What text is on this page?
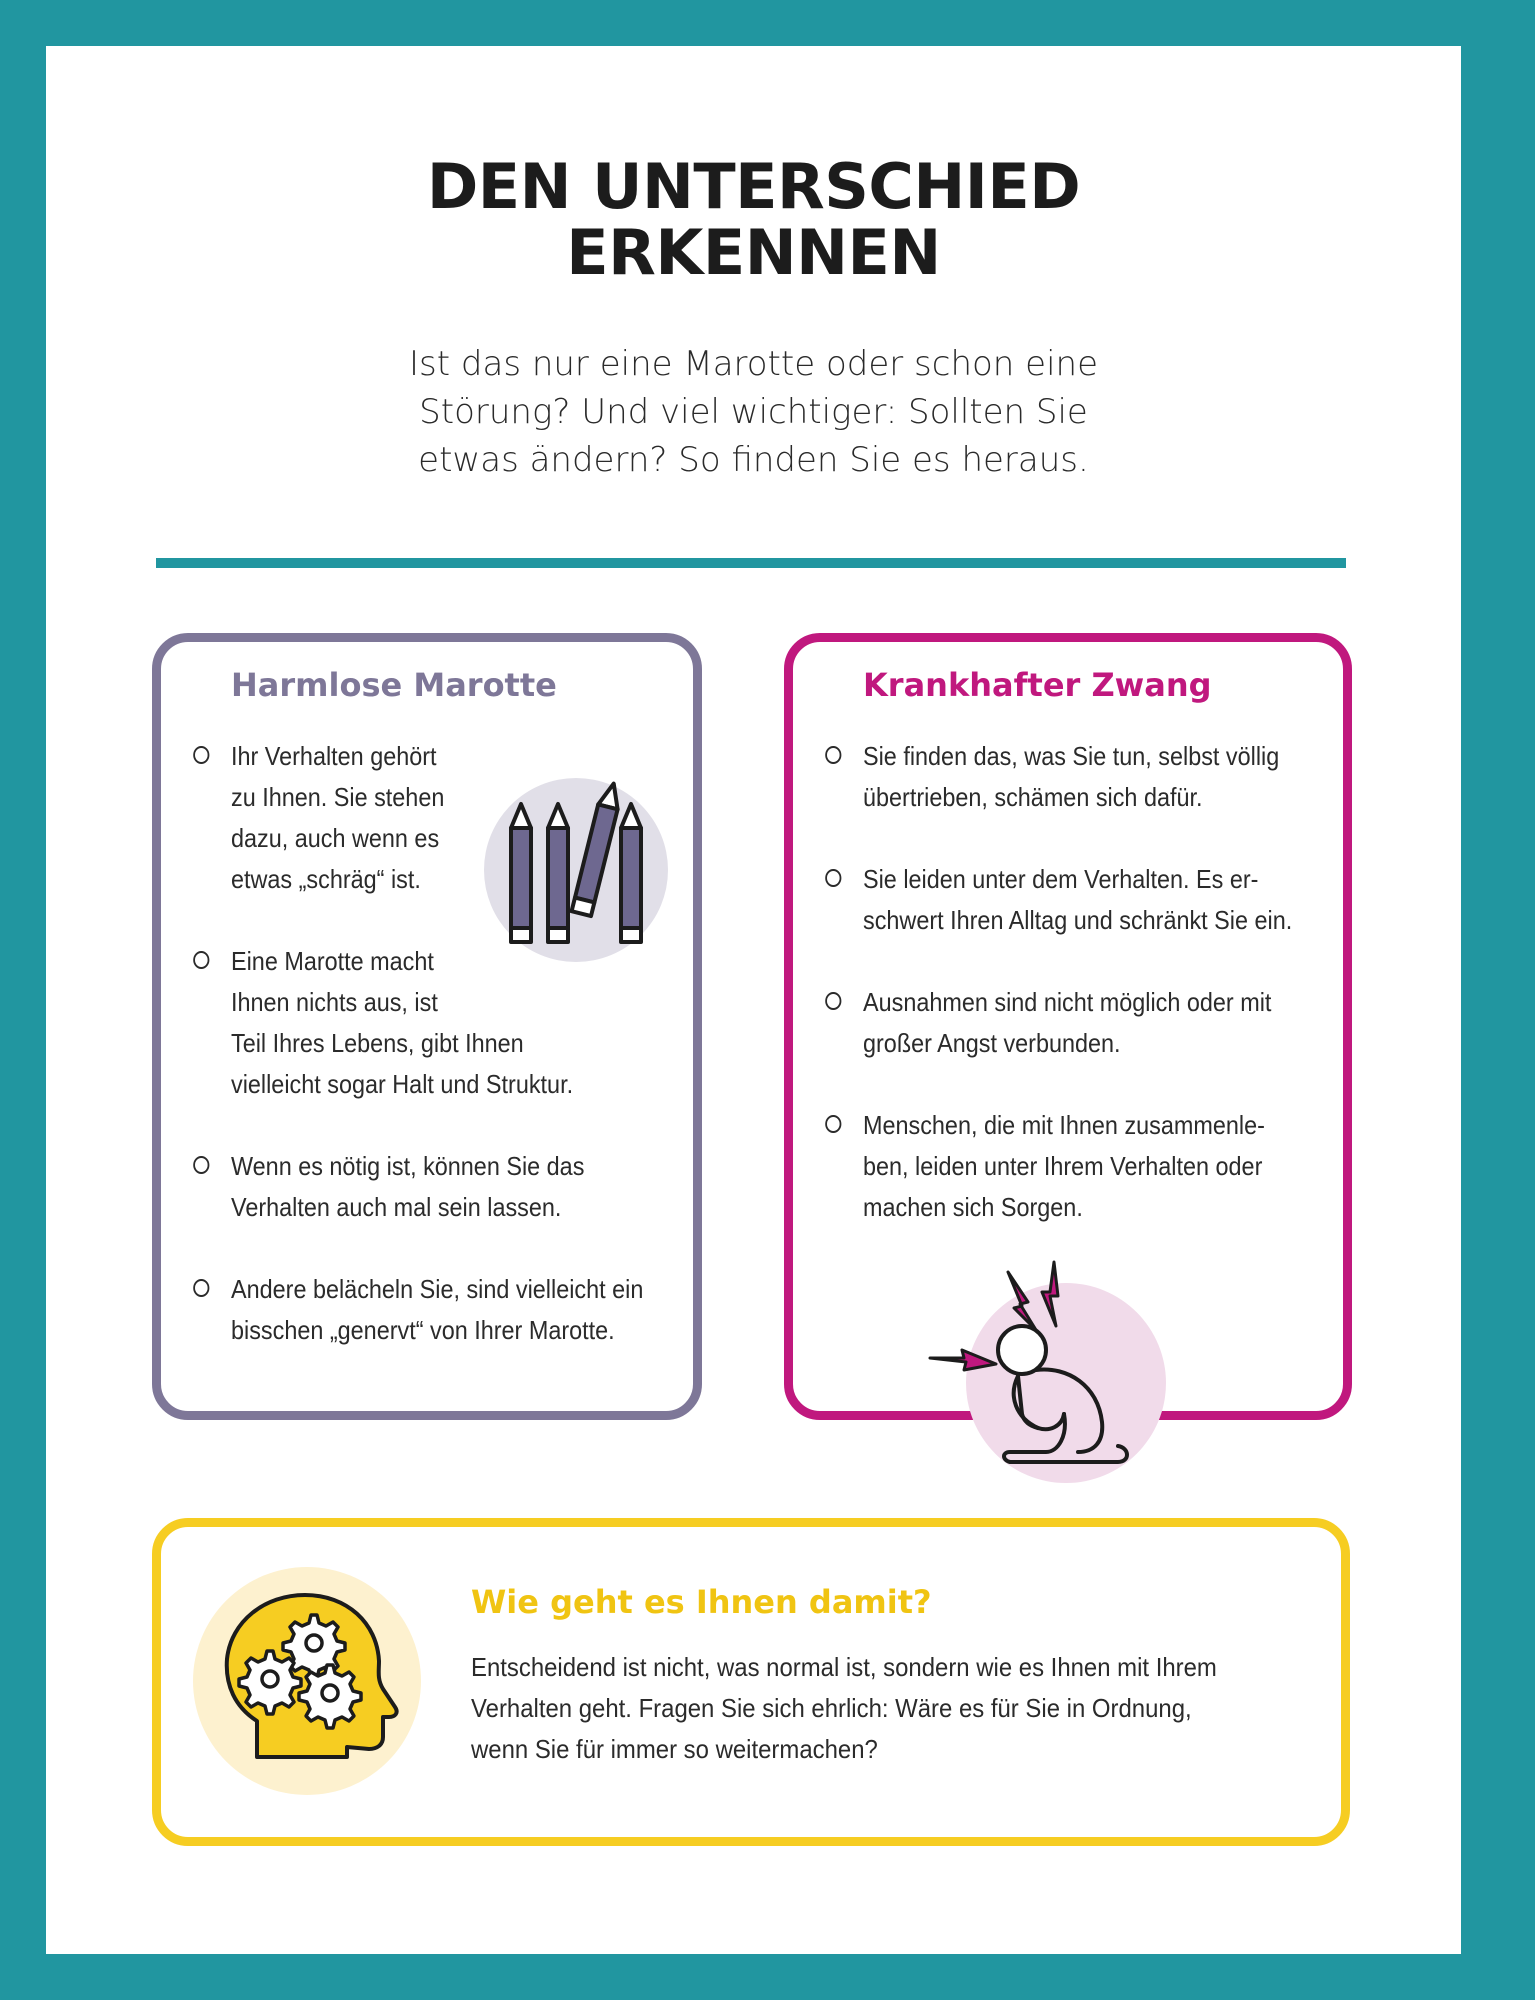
DEN UNTERSCHIED
ERKENNEN
Ist das nur eine Marotte oder schon eine
Störung? Und viel wichtiger: Sollten Sie
etwas ändern? So finden Sie es heraus.
Harmlose Marotte
Ihr Verhalten gehört
zu Ihnen. Sie stehen
dazu, auch wenn es
etwas „schräg“ ist.
Eine Marotte macht
Ihnen nichts aus, ist
Teil Ihres Lebens, gibt Ihnen
vielleicht sogar Halt und Struktur.
Wenn es nötig ist, können Sie das
Verhalten auch mal sein lassen.
Andere belächeln Sie, sind vielleicht ein
bisschen „genervt“ von Ihrer Marotte.
Krankhafter Zwang
Sie finden das, was Sie tun, selbst völlig
übertrieben, schämen sich dafür.
Sie leiden unter dem Verhalten. Es er-
schwert Ihren Alltag und schränkt Sie ein.
Ausnahmen sind nicht möglich oder mit
großer Angst verbunden.
Menschen, die mit Ihnen zusammenle-
ben, leiden unter Ihrem Verhalten oder
machen sich Sorgen.
Wie geht es Ihnen damit?
Entscheidend ist nicht, was normal ist, sondern wie es Ihnen mit Ihrem
Verhalten geht. Fragen Sie sich ehrlich: Wäre es für Sie in Ordnung,
wenn Sie für immer so weitermachen?
